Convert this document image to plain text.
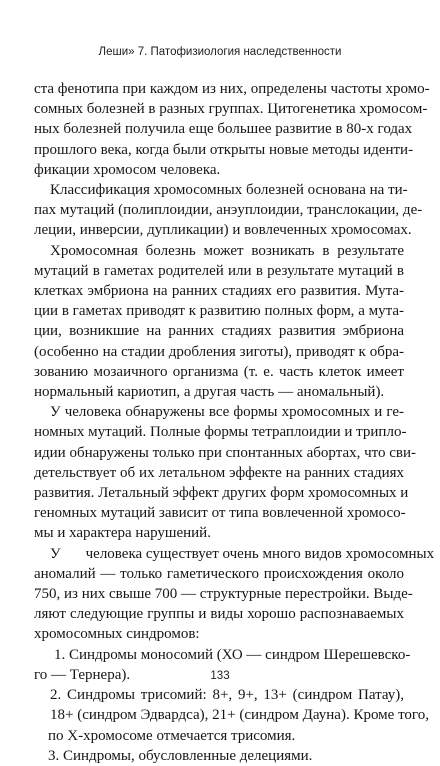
Леши» 7. Патофизиология наследственности
ста фенотипа при каждом из них, определены частоты хромо-
сомных болезней в разных группах. Цитогенетика хромосом-
ных болезней получила еще большее развитие в 80-х годах
прошлого века, когда были открыты новые методы иденти-
фикации хромосом человека.
Классификация хромосомных болезней основана на ти-
пах мутаций (полиплоидии, анэуплоидии, транслокации, де-
леции, инверсии, дупликации) и вовлеченных хромосомах.
Хромосомная болезнь может возникать в результате
мутаций в гаметах родителей или в результате мутаций в
клетках эмбриона на ранних стадиях его развития. Мута-
ции в гаметах приводят к развитию полных форм, а мута-
ции, возникшие на ранних стадиях развития эмбриона
(особенно на стадии дробления зиготы), приводят к обра-
зованию мозаичного организма (т. е. часть клеток имеет
нормальный кариотип, а другая часть — аномальный).
У человека обнаружены все формы хромосомных и ге-
номных мутаций. Полные формы тетраплоидии и трипло-
идии обнаружены только при спонтанных абортах, что сви-
детельствует об их летальном эффекте на ранних стадиях
развития. Летальный эффект других форм хромосомных и
геномных мутаций зависит от типа вовлеченной хромосо-
мы и характера нарушений.
У человека существует очень много видов хромосомных
аномалий — только гаметического происхождения около
750, из них свыше 700 — структурные перестройки. Выде-
ляют следующие группы и виды хорошо распознаваемых
хромосомных синдромов:
1. Синдромы моносомий (ХО — синдром Шерешевско-
го — Тернера).
2. Синдромы трисомий: 8+, 9+, 13+ (синдром Патау),
18+ (синдром Эдвардса), 21+ (синдром Дауна). Кроме того,
по Х-хромосоме отмечается трисомия.
3. Синдромы, обусловленные делециями.
133
